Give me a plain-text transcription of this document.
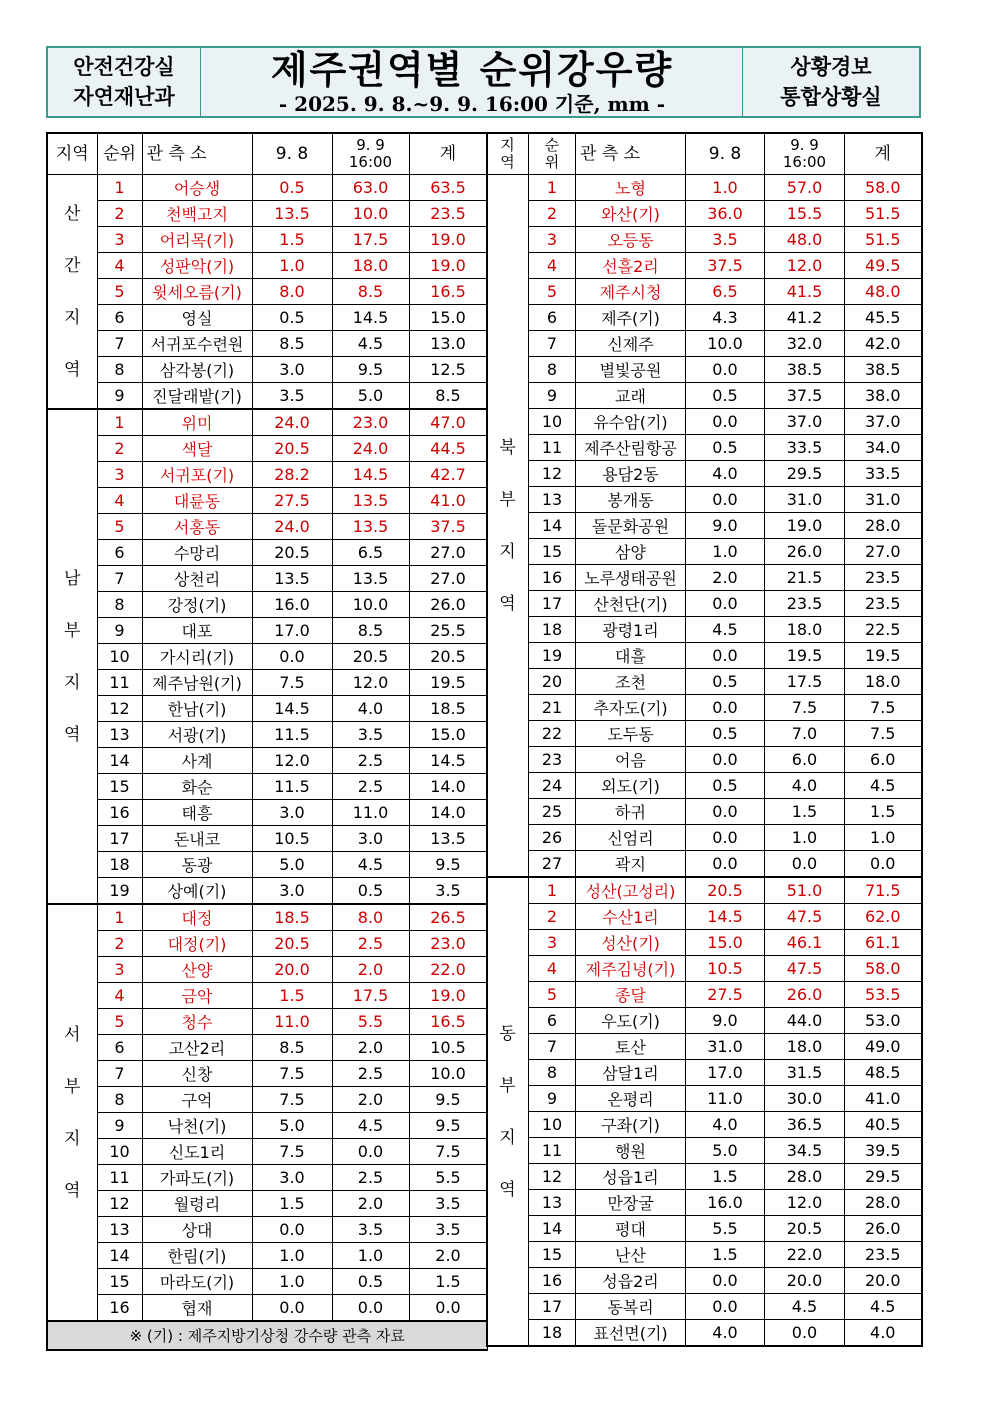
안전건강실
자연재난과
제주권역별 순위강우량
- 2025. 9. 8.~9. 9. 16:00 기준, mm -
상황경보
통합상황실
지역	순위	관 측 소	9. 8	9. 9
16:00	계

산
간
지
역	1	어승생	0.5	63.0	63.5
	2	천백고지	13.5	10.0	23.5
	3	어리목(기)	1.5	17.5	19.0
	4	성판악(기)	1.0	18.0	19.0
	5	윗세오름(기)	8.0	8.5	16.5
	6	영실	0.5	14.5	15.0
	7	서귀포수련원	8.5	4.5	13.0
	8	삼각봉(기)	3.0	9.5	12.5
	9	진달래밭(기)	3.5	5.0	8.5

남
부
지
역	1	위미	24.0	23.0	47.0
	2	색달	20.5	24.0	44.5
	3	서귀포(기)	28.2	14.5	42.7
	4	대륜동	27.5	13.5	41.0
	5	서홍동	24.0	13.5	37.5
	6	수망리	20.5	6.5	27.0
	7	상천리	13.5	13.5	27.0
	8	강정(기)	16.0	10.0	26.0
	9	대포	17.0	8.5	25.5
	10	가시리(기)	0.0	20.5	20.5
	11	제주남원(기)	7.5	12.0	19.5
	12	한남(기)	14.5	4.0	18.5
	13	서광(기)	11.5	3.5	15.0
	14	사계	12.0	2.5	14.5
	15	화순	11.5	2.5	14.0
	16	태흥	3.0	11.0	14.0
	17	돈내코	10.5	3.0	13.5
	18	동광	5.0	4.5	9.5
	19	상예(기)	3.0	0.5	3.5

서
부
지
역	1	대정	18.5	8.0	26.5
	2	대정(기)	20.5	2.5	23.0
	3	산양	20.0	2.0	22.0
	4	금악	1.5	17.5	19.0
	5	청수	11.0	5.5	16.5
	6	고산2리	8.5	2.0	10.5
	7	신창	7.5	2.5	10.0
	8	구억	7.5	2.0	9.5
	9	낙천(기)	5.0	4.5	9.5
	10	신도1리	7.5	0.0	7.5
	11	가파도(기)	3.0	2.5	5.5
	12	월령리	1.5	2.0	3.5
	13	상대	0.0	3.5	3.5
	14	한림(기)	1.0	1.0	2.0
	15	마라도(기)	1.0	0.5	1.5
	16	협재	0.0	0.0	0.0
※ (기) : 제주지방기상청 강수량 관측 자료					
지
역	순
위	관 측 소	9. 8	9. 9
16:00	계

북
부
지
역	1	노형	1.0	57.0	58.0
	2	와산(기)	36.0	15.5	51.5
	3	오등동	3.5	48.0	51.5
	4	선흘2리	37.5	12.0	49.5
	5	제주시청	6.5	41.5	48.0
	6	제주(기)	4.3	41.2	45.5
	7	신제주	10.0	32.0	42.0
	8	별빛공원	0.0	38.5	38.5
	9	교래	0.5	37.5	38.0
	10	유수암(기)	0.0	37.0	37.0
	11	제주산림항공	0.5	33.5	34.0
	12	용담2동	4.0	29.5	33.5
	13	봉개동	0.0	31.0	31.0
	14	돌문화공원	9.0	19.0	28.0
	15	삼양	1.0	26.0	27.0
	16	노루생태공원	2.0	21.5	23.5
	17	산천단(기)	0.0	23.5	23.5
	18	광령1리	4.5	18.0	22.5
	19	대흘	0.0	19.5	19.5
	20	조천	0.5	17.5	18.0
	21	추자도(기)	0.0	7.5	7.5
	22	도두동	0.5	7.0	7.5
	23	어음	0.0	6.0	6.0
	24	외도(기)	0.5	4.0	4.5
	25	하귀	0.0	1.5	1.5
	26	신엄리	0.0	1.0	1.0
	27	곽지	0.0	0.0	0.0

동
부
지
역	1	성산(고성리)	20.5	51.0	71.5
	2	수산1리	14.5	47.5	62.0
	3	성산(기)	15.0	46.1	61.1
	4	제주김녕(기)	10.5	47.5	58.0
	5	종달	27.5	26.0	53.5
	6	우도(기)	9.0	44.0	53.0
	7	토산	31.0	18.0	49.0
	8	삼달1리	17.0	31.5	48.5
	9	온평리	11.0	30.0	41.0
	10	구좌(기)	4.0	36.5	40.5
	11	행원	5.0	34.5	39.5
	12	성읍1리	1.5	28.0	29.5
	13	만장굴	16.0	12.0	28.0
	14	평대	5.5	20.5	26.0
	15	난산	1.5	22.0	23.5
	16	성읍2리	0.0	20.0	20.0
	17	동복리	0.0	4.5	4.5
	18	표선면(기)	4.0	0.0	4.0
